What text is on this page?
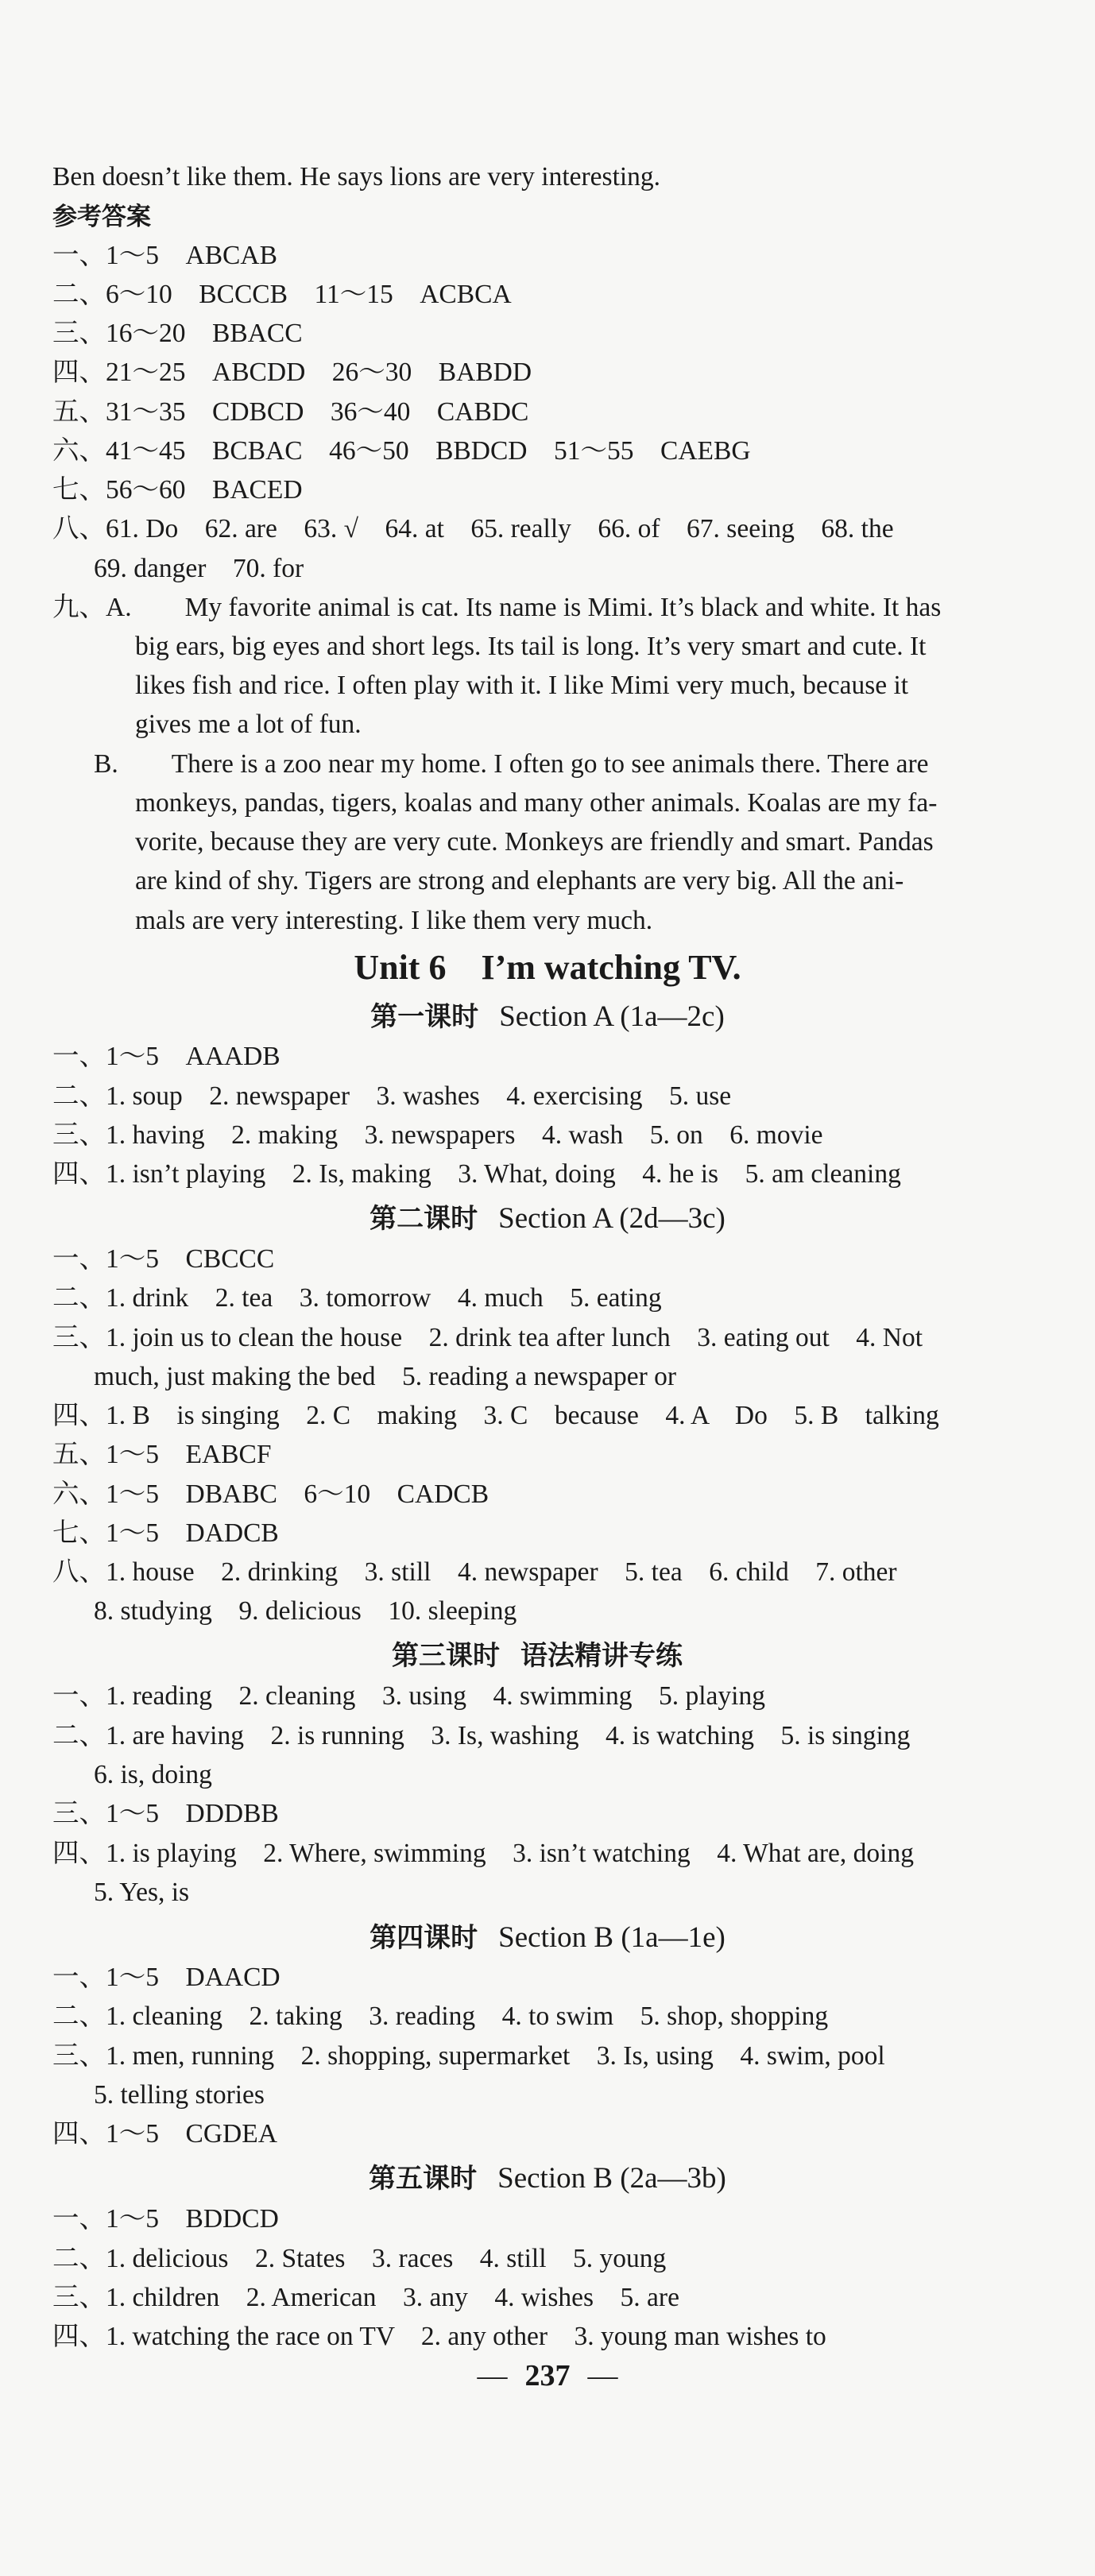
Ben doesn’t like them. He says lions are very interesting.
参考答案
一、1～5　ABCAB
二、6～10　BCCCB　11～15　ACBCA
三、16～20　BBACC
四、21～25　ABCDD　26～30　BABDD
五、31～35　CDBCD　36～40　CABDC
六、41～45　BCBAC　46～50　BBDCD　51～55　CAEBG
七、56～60　BACED
八、61. Do　62. are　63. √　64. at　65. really　66. of　67. seeing　68. the
69. danger　70. for
九、A.　　My favorite animal is cat. Its name is Mimi. It’s black and white. It has
big ears, big eyes and short legs. Its tail is long. It’s very smart and cute. It
likes fish and rice. I often play with it. I like Mimi very much, because it
gives me a lot of fun.
B.　　There is a zoo near my home. I often go to see animals there. There are
monkeys, pandas, tigers, koalas and many other animals. Koalas are my fa-
vorite, because they are very cute. Monkeys are friendly and smart. Pandas
are kind of shy. Tigers are strong and elephants are very big. All the ani-
mals are very interesting. I like them very much.
Unit 6　I’m watching TV.
第一课时 Section A (1a—2c)
一、1～5　AAADB
二、1. soup　2. newspaper　3. washes　4. exercising　5. use
三、1. having　2. making　3. newspapers　4. wash　5. on　6. movie
四、1. isn’t playing　2. Is, making　3. What, doing　4. he is　5. am cleaning
第二课时 Section A (2d—3c)
一、1～5　CBCCC
二、1. drink　2. tea　3. tomorrow　4. much　5. eating
三、1. join us to clean the house　2. drink tea after lunch　3. eating out　4. Not
much, just making the bed　5. reading a newspaper or
四、1. B　is singing　2. C　making　3. C　because　4. A　Do　5. B　talking
五、1～5　EABCF
六、1～5　DBABC　6～10　CADCB
七、1～5　DADCB
八、1. house　2. drinking　3. still　4. newspaper　5. tea　6. child　7. other
8. studying　9. delicious　10. sleeping
第三课时 语法精讲专练
一、1. reading　2. cleaning　3. using　4. swimming　5. playing
二、1. are having　2. is running　3. Is, washing　4. is watching　5. is singing
6. is, doing
三、1～5　DDDBB
四、1. is playing　2. Where, swimming　3. isn’t watching　4. What are, doing
5. Yes, is
第四课时 Section B (1a—1e)
一、1～5　DAACD
二、1. cleaning　2. taking　3. reading　4. to swim　5. shop, shopping
三、1. men, running　2. shopping, supermarket　3. Is, using　4. swim, pool
5. telling stories
四、1～5　CGDEA
第五课时 Section B (2a—3b)
一、1～5　BDDCD
二、1. delicious　2. States　3. races　4. still　5. young
三、1. children　2. American　3. any　4. wishes　5. are
四、1. watching the race on TV　2. any other　3. young man wishes to
— 237 —
